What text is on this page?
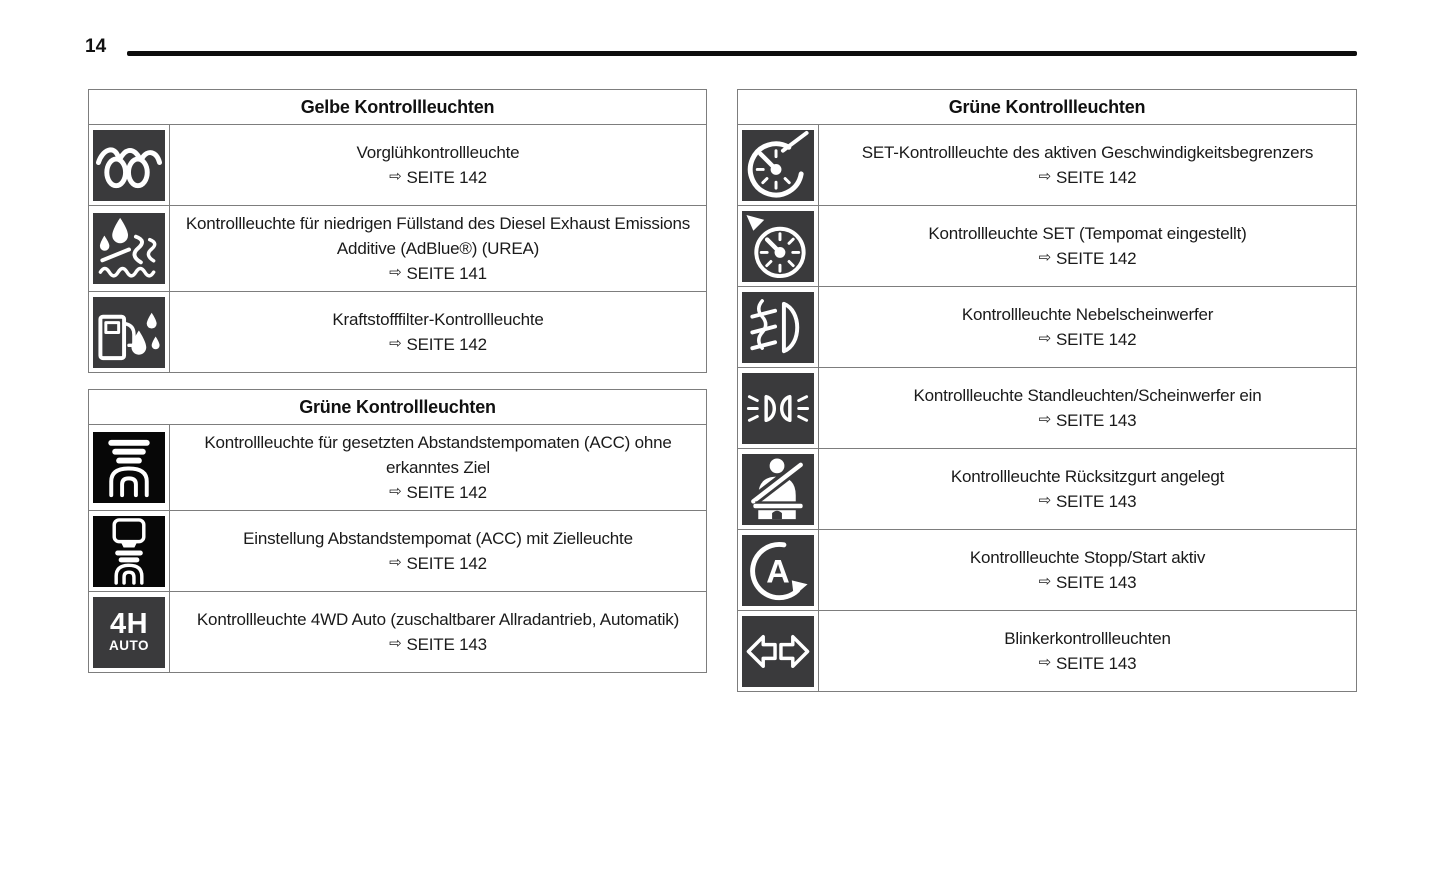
14
Gelbe Kontrollleuchten
Vorglühkontrollleuchte
⇨ SEITE 142
Kontrollleuchte für niedrigen Füllstand des Diesel Exhaust Emissions Additive (AdBlue®) (UREA)
⇨ SEITE 141
Kraftstofffilter-Kontrollleuchte
⇨ SEITE 142
Grüne Kontrollleuchten
Kontrollleuchte für gesetzten Abstandstempomaten (ACC) ohne erkanntes Ziel
⇨ SEITE 142
Einstellung Abstandstempomat (ACC) mit Zielleuchte
⇨ SEITE 142
4H
AUTO
Kontrollleuchte 4WD Auto (zuschaltbarer Allradantrieb, Automatik)
⇨ SEITE 143
Grüne Kontrollleuchten
SET-Kontrollleuchte des aktiven Geschwindigkeitsbegrenzers
⇨ SEITE 142
Kontrollleuchte SET (Tempomat eingestellt)
⇨ SEITE 142
Kontrollleuchte Nebelscheinwerfer
⇨ SEITE 142
Kontrollleuchte Standleuchten/Scheinwerfer ein
⇨ SEITE 143
Kontrollleuchte Rücksitzgurt angelegt
⇨ SEITE 143
A	Kontrollleuchte Stopp/Start aktiv
⇨ SEITE 143
Blinkerkontrollleuchten
⇨ SEITE 143
